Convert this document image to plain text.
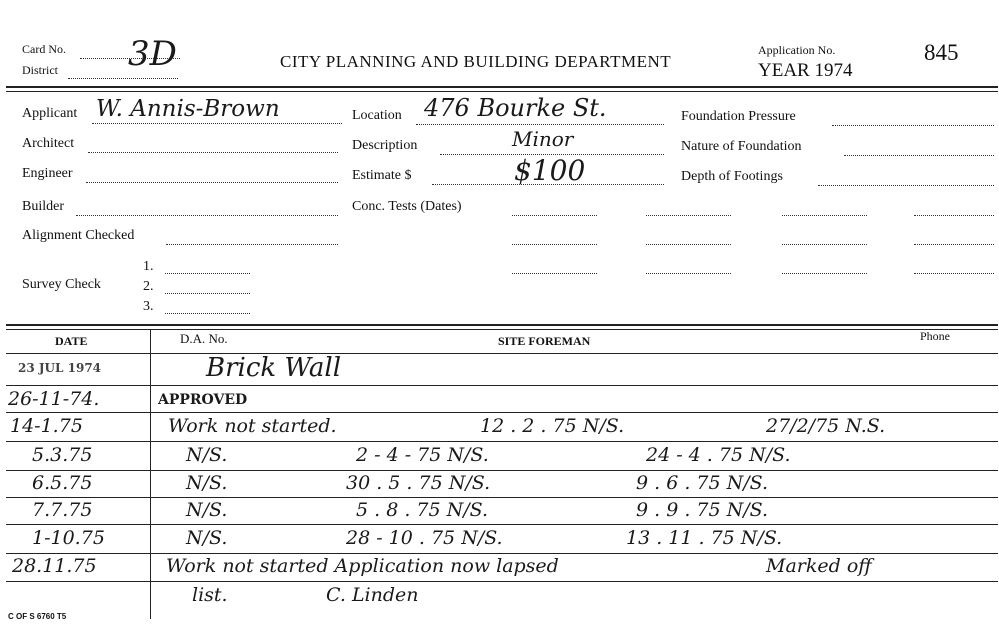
Card No. 3D
District	CITY PLANNING AND BUILDING DEPARTMENT
Application No.
YEAR 1974
845
Applicant W. Annis-Brown
Architect
Engineer
Builder
Alignment Checked
Survey Check
1.
2.
3.
Location 476 Bourke St.
Description	Minor
Estimate $	$100
Conc. Tests (Dates)
Foundation Pressure
Nature of Foundation
Depth of Footings
DATE	D.A. No.	SITE FOREMAN	Phone
23 JUL 1974	Brick Wall
26-11-74.	APPROVED
14-1.75	Work not started.	12 . 2 . 75 N/S.	27/2/75 N.S.
5.3.75	N/S.	2 - 4 - 75 N/S.	24 - 4 . 75 N/S.
6.5.75	N/S.	30 . 5 . 75 N/S.	9 . 6 . 75 N/S.
7.7.75	N/S.	5 . 8 . 75 N/S.	9 . 9 . 75 N/S.
1-10.75	N/S.	28 - 10 . 75 N/S.	13 . 11 . 75 N/S.
28.11.75	Work not started Application now lapsed	Marked off
list.	C. Linden
C OF S 6760 T5
